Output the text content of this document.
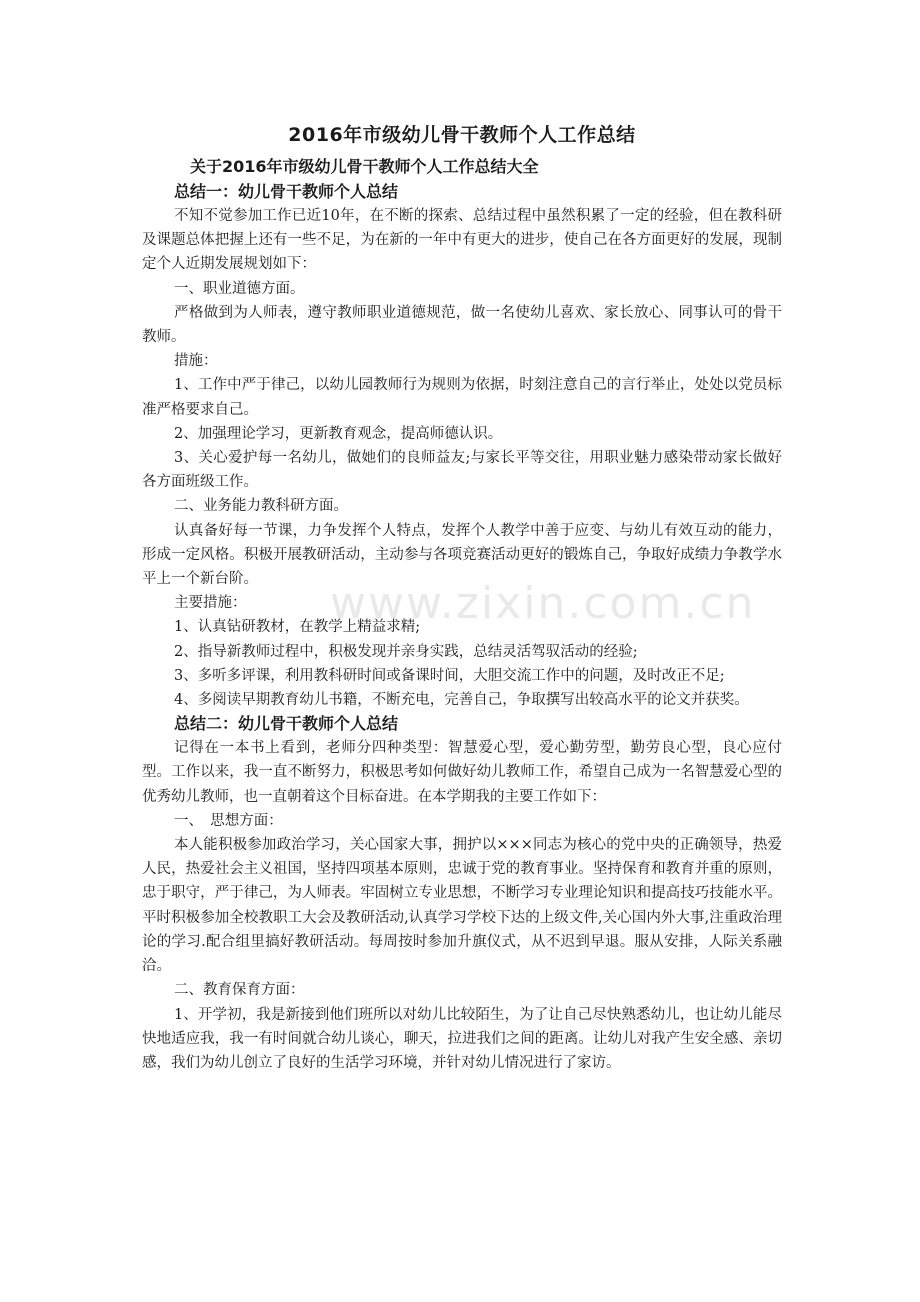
www.zixin.com.cn
2016年市级幼儿骨干教师个人工作总结
关于2016年市级幼儿骨干教师个人工作总结大全
总结一：幼儿骨干教师个人总结

不知不觉参加工作已近10年，在不断的探索、总结过程中虽然积累了一定的经验，但在教科研及课题总体把握上还有一些不足，为在新的一年中有更大的进步，使自己在各方面更好的发展，现制定个人近期发展规划如下：

一、职业道德方面。

严格做到为人师表，遵守教师职业道德规范，做一名使幼儿喜欢、家长放心、同事认可的骨干教师。

措施：

1、工作中严于律己，以幼儿园教师行为规则为依据，时刻注意自己的言行举止，处处以党员标准严格要求自己。

2、加强理论学习，更新教育观念，提高师德认识。

3、关心爱护每一名幼儿，做她们的良师益友;与家长平等交往，用职业魅力感染带动家长做好各方面班级工作。

二、业务能力教科研方面。

认真备好每一节课，力争发挥个人特点，发挥个人教学中善于应变、与幼儿有效互动的能力，形成一定风格。积极开展教研活动，主动参与各项竞赛活动更好的锻炼自己，争取好成绩力争教学水平上一个新台阶。

主要措施：

1、认真钻研教材，在教学上精益求精;

2、指导新教师过程中，积极发现并亲身实践，总结灵活驾驭活动的经验;

3、多听多评课，利用教科研时间或备课时间，大胆交流工作中的问题，及时改正不足;

4、多阅读早期教育幼儿书籍，不断充电，完善自己，争取撰写出较高水平的论文并获奖。

总结二：幼儿骨干教师个人总结

记得在一本书上看到，老师分四种类型：智慧爱心型，爱心勤劳型，勤劳良心型，良心应付型。工作以来，我一直不断努力，积极思考如何做好幼儿教师工作，希望自己成为一名智慧爱心型的优秀幼儿教师，也一直朝着这个目标奋进。在本学期我的主要工作如下：

一、　思想方面：

本人能积极参加政治学习，关心国家大事，拥护以×××同志为核心的党中央的正确领导，热爱人民，热爱社会主义祖国，坚持四项基本原则，忠诚于党的教育事业。坚持保育和教育并重的原则，忠于职守，严于律己，为人师表。牢固树立专业思想，不断学习专业理论知识和提高技巧技能水平。平时积极参加全校教职工大会及教研活动,认真学习学校下达的上级文件,关心国内外大事,注重政治理论的学习.配合组里搞好教研活动。每周按时参加升旗仪式，从不迟到早退。服从安排，人际关系融洽。

二、教育保育方面：

1、开学初，我是新接到他们班所以对幼儿比较陌生，为了让自己尽快熟悉幼儿，也让幼儿能尽快地适应我，我一有时间就合幼儿谈心，聊天，拉进我们之间的距离。让幼儿对我产生安全感、亲切感，我们为幼儿创立了良好的生活学习环境，并针对幼儿情况进行了家访。
